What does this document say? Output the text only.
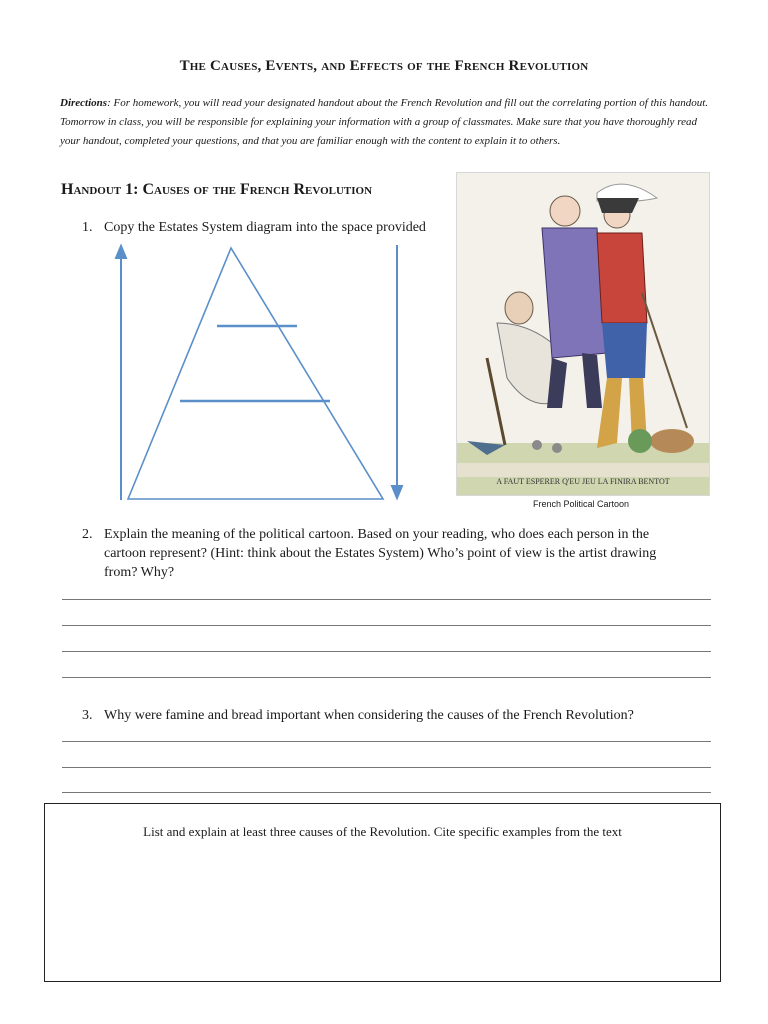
The Causes, Events, and Effects of the French Revolution
Directions: For homework, you will read your designated handout about the French Revolution and fill out the correlating portion of this handout. Tomorrow in class, you will be responsible for explaining your information with a group of classmates. Make sure that you have thoroughly read your handout, completed your questions, and that you are familiar enough with the content to explain it to others.
Handout 1: Causes of the French Revolution
1. Copy the Estates System diagram into the space provided
A FAUT ESPERER Q'EU JEU LA FINIRA BENTOT
French Political Cartoon
2. Explain the meaning of the political cartoon. Based on your reading, who does each person in the
cartoon represent? (Hint: think about the Estates System) Who’s point of view is the artist drawing
from? Why?
3. Why were famine and bread important when considering the causes of the French Revolution?
List and explain at least three causes of the Revolution. Cite specific examples from the text
